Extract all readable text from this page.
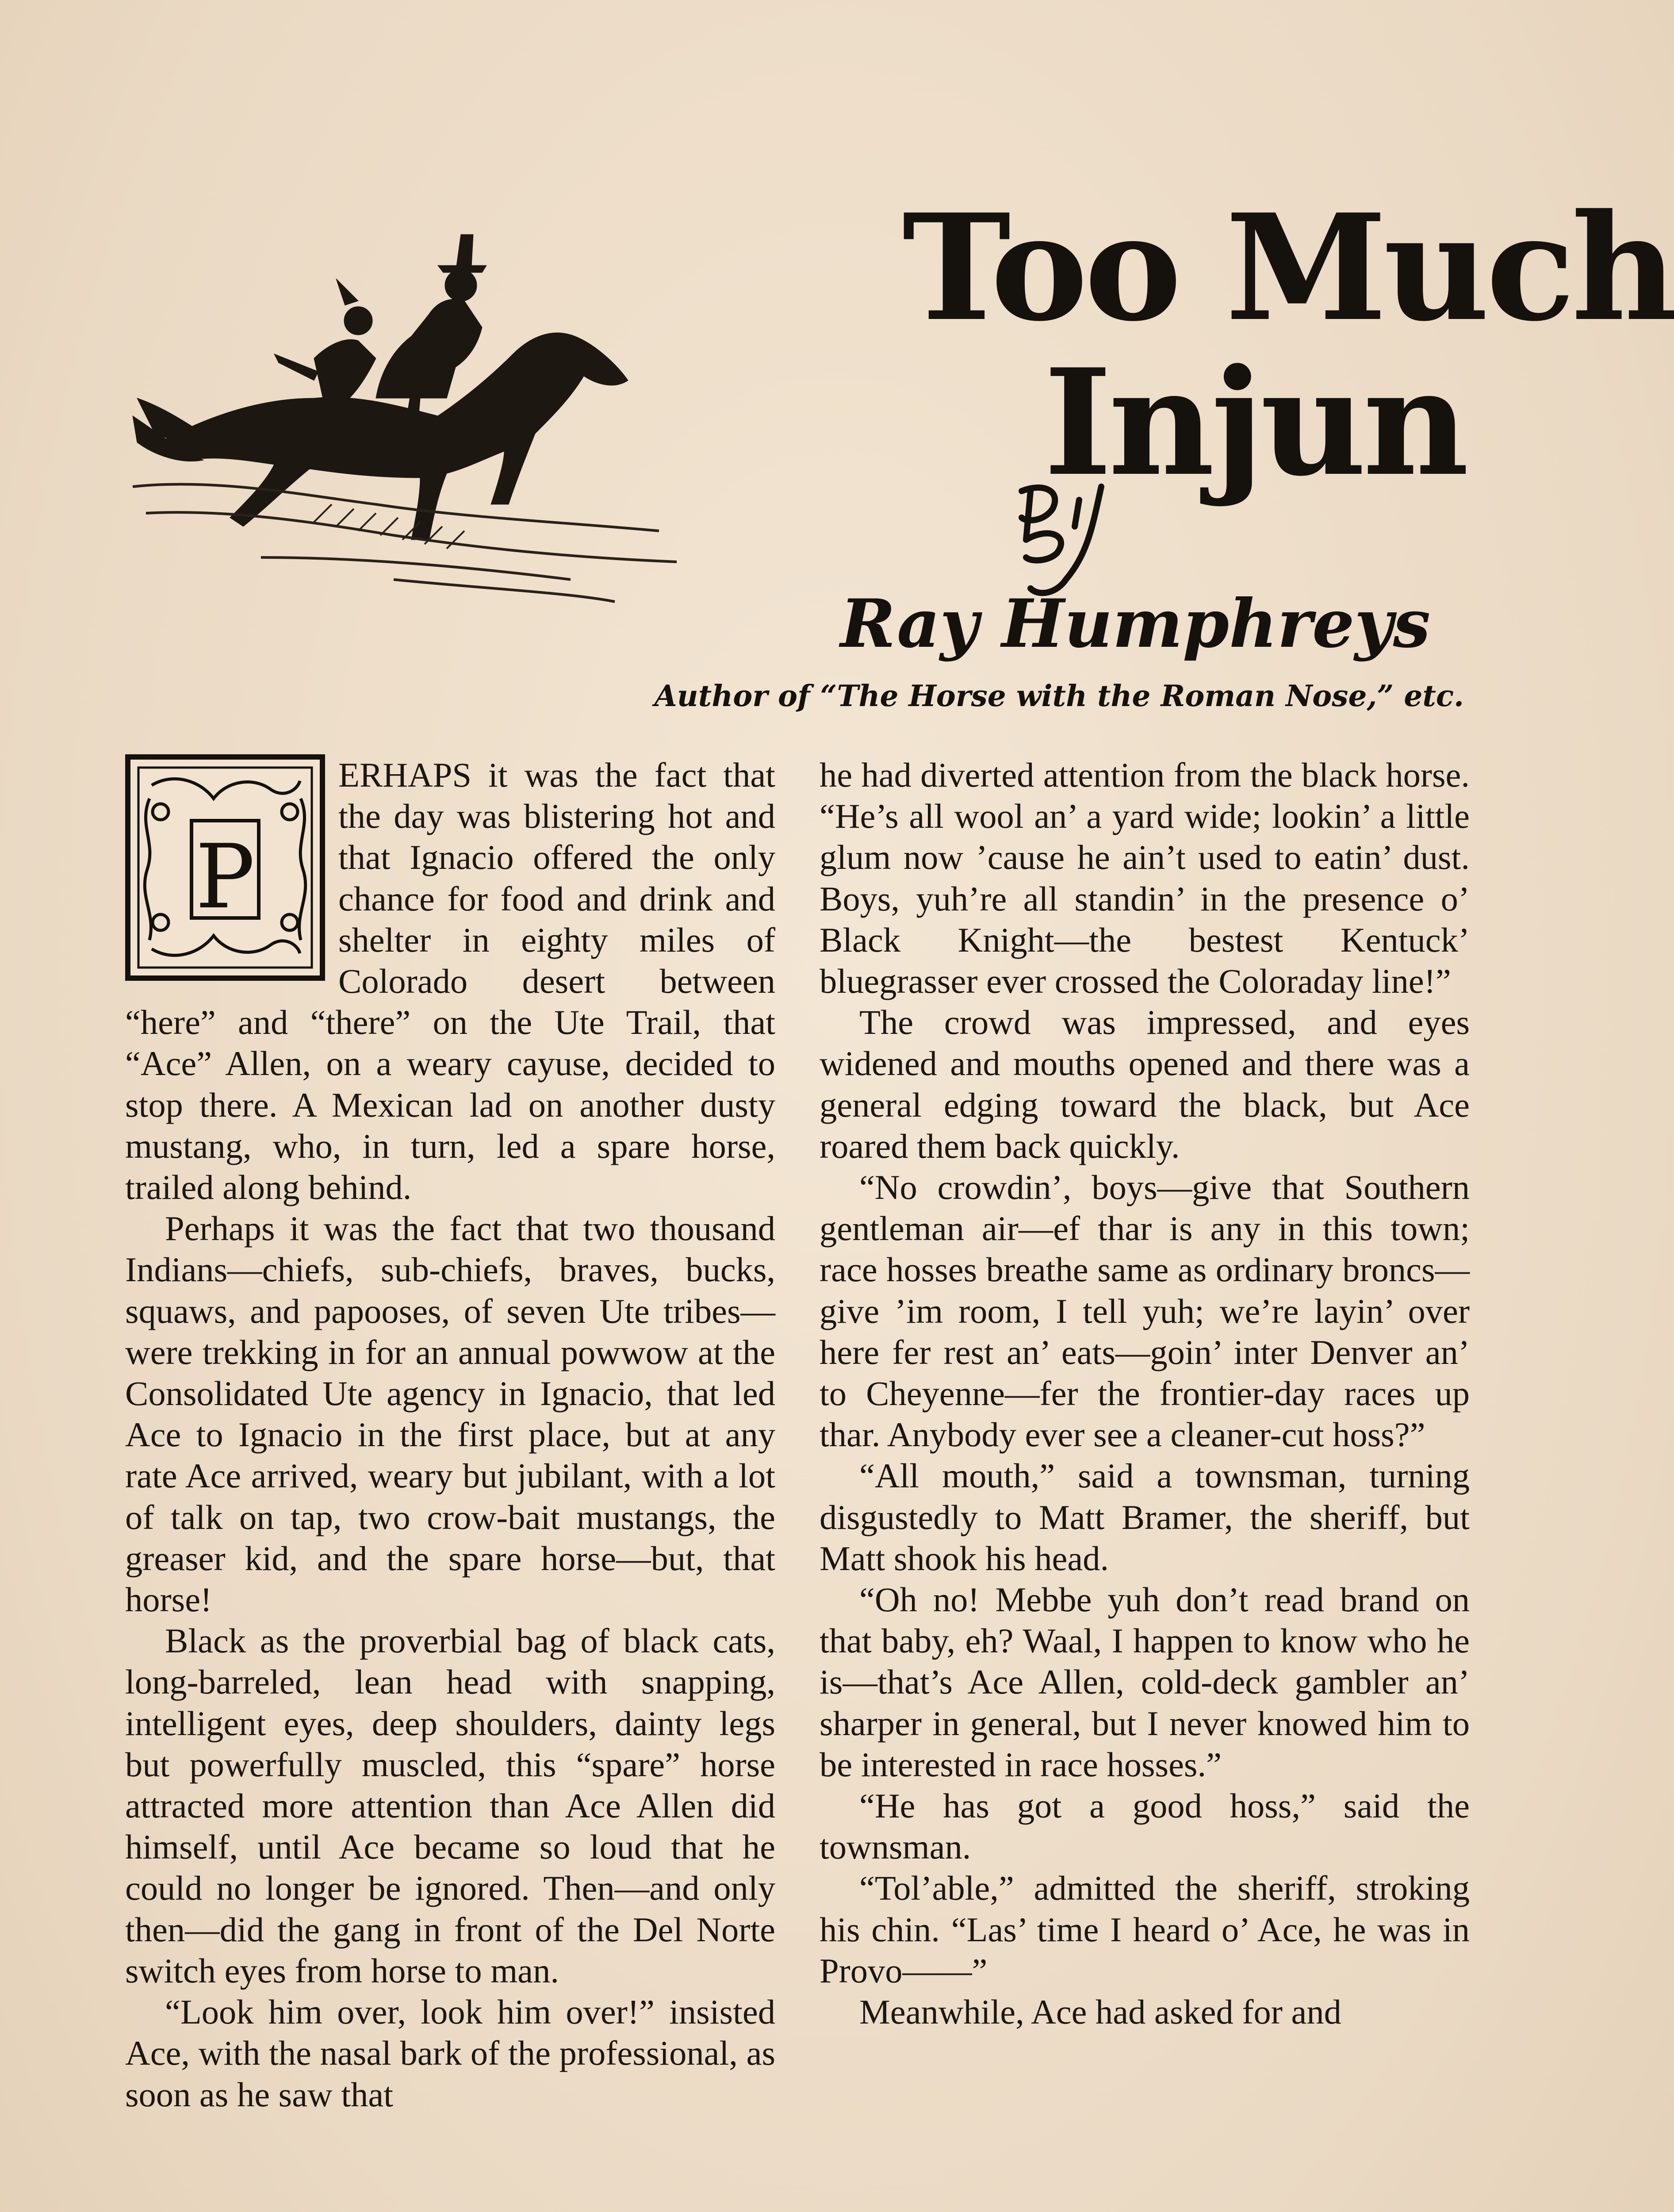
Too Much
Injun
Ray Humphreys
Author of “The Horse with the Roman Nose,” etc.
P

ERHAPS it was the fact that the day was blistering hot and that Ignacio offered the only chance for food and drink and shelter in eighty miles of Colorado desert between “here” and “there” on the Ute Trail, that “Ace” Allen, on a weary cayuse, decided to stop there. A Mexican lad on another dusty mustang, who, in turn, led a spare horse, trailed along behind.

Perhaps it was the fact that two thousand Indians—chiefs, sub-chiefs, braves, bucks, squaws, and papooses, of seven Ute tribes—were trekking in for an annual powwow at the Consolidated Ute agency in Ignacio, that led Ace to Ignacio in the first place, but at any rate Ace arrived, weary but jubilant, with a lot of talk on tap, two crow-bait mustangs, the greaser kid, and the spare horse—but, that horse!

Black as the proverbial bag of black cats, long-barreled, lean head with snapping, intelligent eyes, deep shoulders, dainty legs but powerfully muscled, this “spare” horse attracted more attention than Ace Allen did himself, until Ace became so loud that he could no longer be ignored. Then—and only then—did the gang in front of the Del Norte switch eyes from horse to man.

“Look him over, look him over!” insisted Ace, with the nasal bark of the professional, as soon as he saw that

he had diverted attention from the black horse. “He’s all wool an’ a yard wide; lookin’ a little glum now ’cause he ain’t used to eatin’ dust. Boys, yuh’re all standin’ in the presence o’ Black Knight—the bestest Kentuck’ bluegrasser ever crossed the Coloraday line!”

The crowd was impressed, and eyes widened and mouths opened and there was a general edging toward the black, but Ace roared them back quickly.

“No crowdin’, boys—give that Southern gentleman air—ef thar is any in this town; race hosses breathe same as ordinary broncs—give ’im room, I tell yuh; we’re layin’ over here fer rest an’ eats—goin’ inter Denver an’ to Cheyenne—fer the frontier-day races up thar. Anybody ever see a cleaner-cut hoss?”

“All mouth,” said a townsman, turning disgustedly to Matt Bramer, the sheriff, but Matt shook his head.

“Oh no! Mebbe yuh don’t read brand on that baby, eh? Waal, I happen to know who he is—that’s Ace Allen, cold-deck gambler an’ sharper in general, but I never knowed him to be interested in race hosses.”

“He has got a good hoss,” said the townsman.

“Tol’able,” admitted the sheriff, stroking his chin. “Las’ time I heard o’ Ace, he was in Provo——”

Meanwhile, Ace had asked for and
